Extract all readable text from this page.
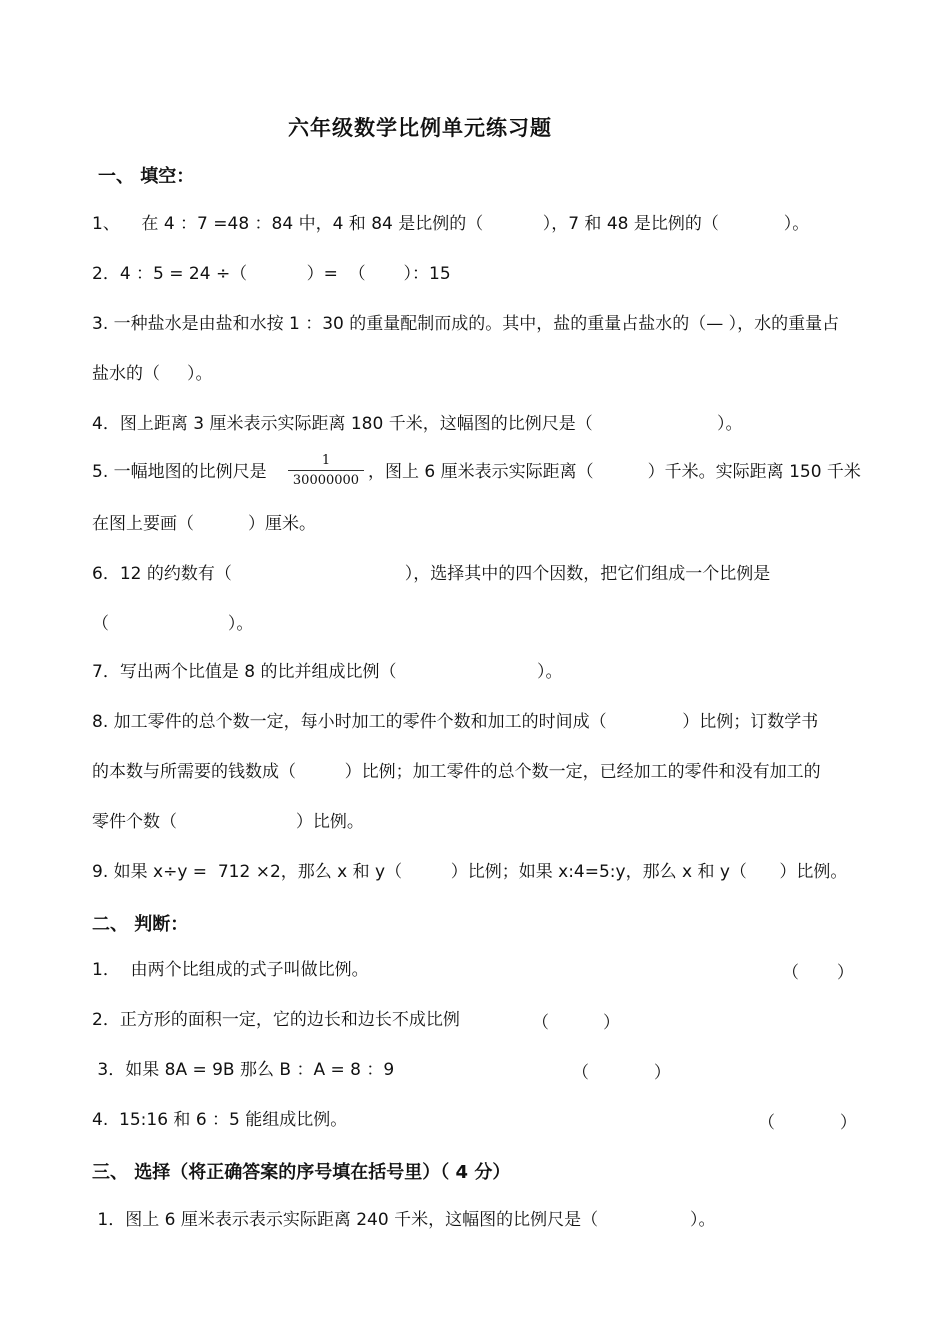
六年级数学比例单元练习题
一、 填空：
1、    在 4 ：7 =48 ：84 中，4 和 84 是比例的（           ），7 和 48 是比例的（            ）。
2．4 ：5 = 24 ÷（           ）=  （       ）：15
3. 一种盐水是由盐和水按 1 ：30 的重量配制而成的。其中，盐的重量占盐水的（— ），水的重量占
盐水的（     ）。
4．图上距离 3 厘米表示实际距离 180 千米，这幅图的比例尺是（                       ）。
5. 一幅地图的比例尺是
1
30000000 ，图上 6 厘米表示实际距离（          ）千米。实际距离 150 千米
在图上要画（          ）厘米。
6．12 的约数有（                                ），选择其中的四个因数，把它们组成一个比例是
（                      ）。
7．写出两个比值是 8 的比并组成比例（                          ）。
8. 加工零件的总个数一定，每小时加工的零件个数和加工的时间成（              ）比例；订数学书
的本数与所需要的钱数成（         ）比例；加工零件的总个数一定，已经加工的零件和没有加工的
零件个数（                      ）比例。
9. 如果 x÷y =  712 ×2，那么 x 和 y（         ）比例；如果 x:4=5:y，那么 x 和 y（      ）比例。
二、 判断：
1．  由两个比组成的式子叫做比例。	（       ）
2．正方形的面积一定，它的边长和边长不成比例	（          ）
3．如果 8A = 9B 那么 B ：A = 8 ：9	（            ）
4.  15:16 和 6 ：5 能组成比例。	（            ）
三、 选择（将正确答案的序号填在括号里）（ 4 分）
1．图上 6 厘米表示表示实际距离 240 千米，这幅图的比例尺是（                 ）。
